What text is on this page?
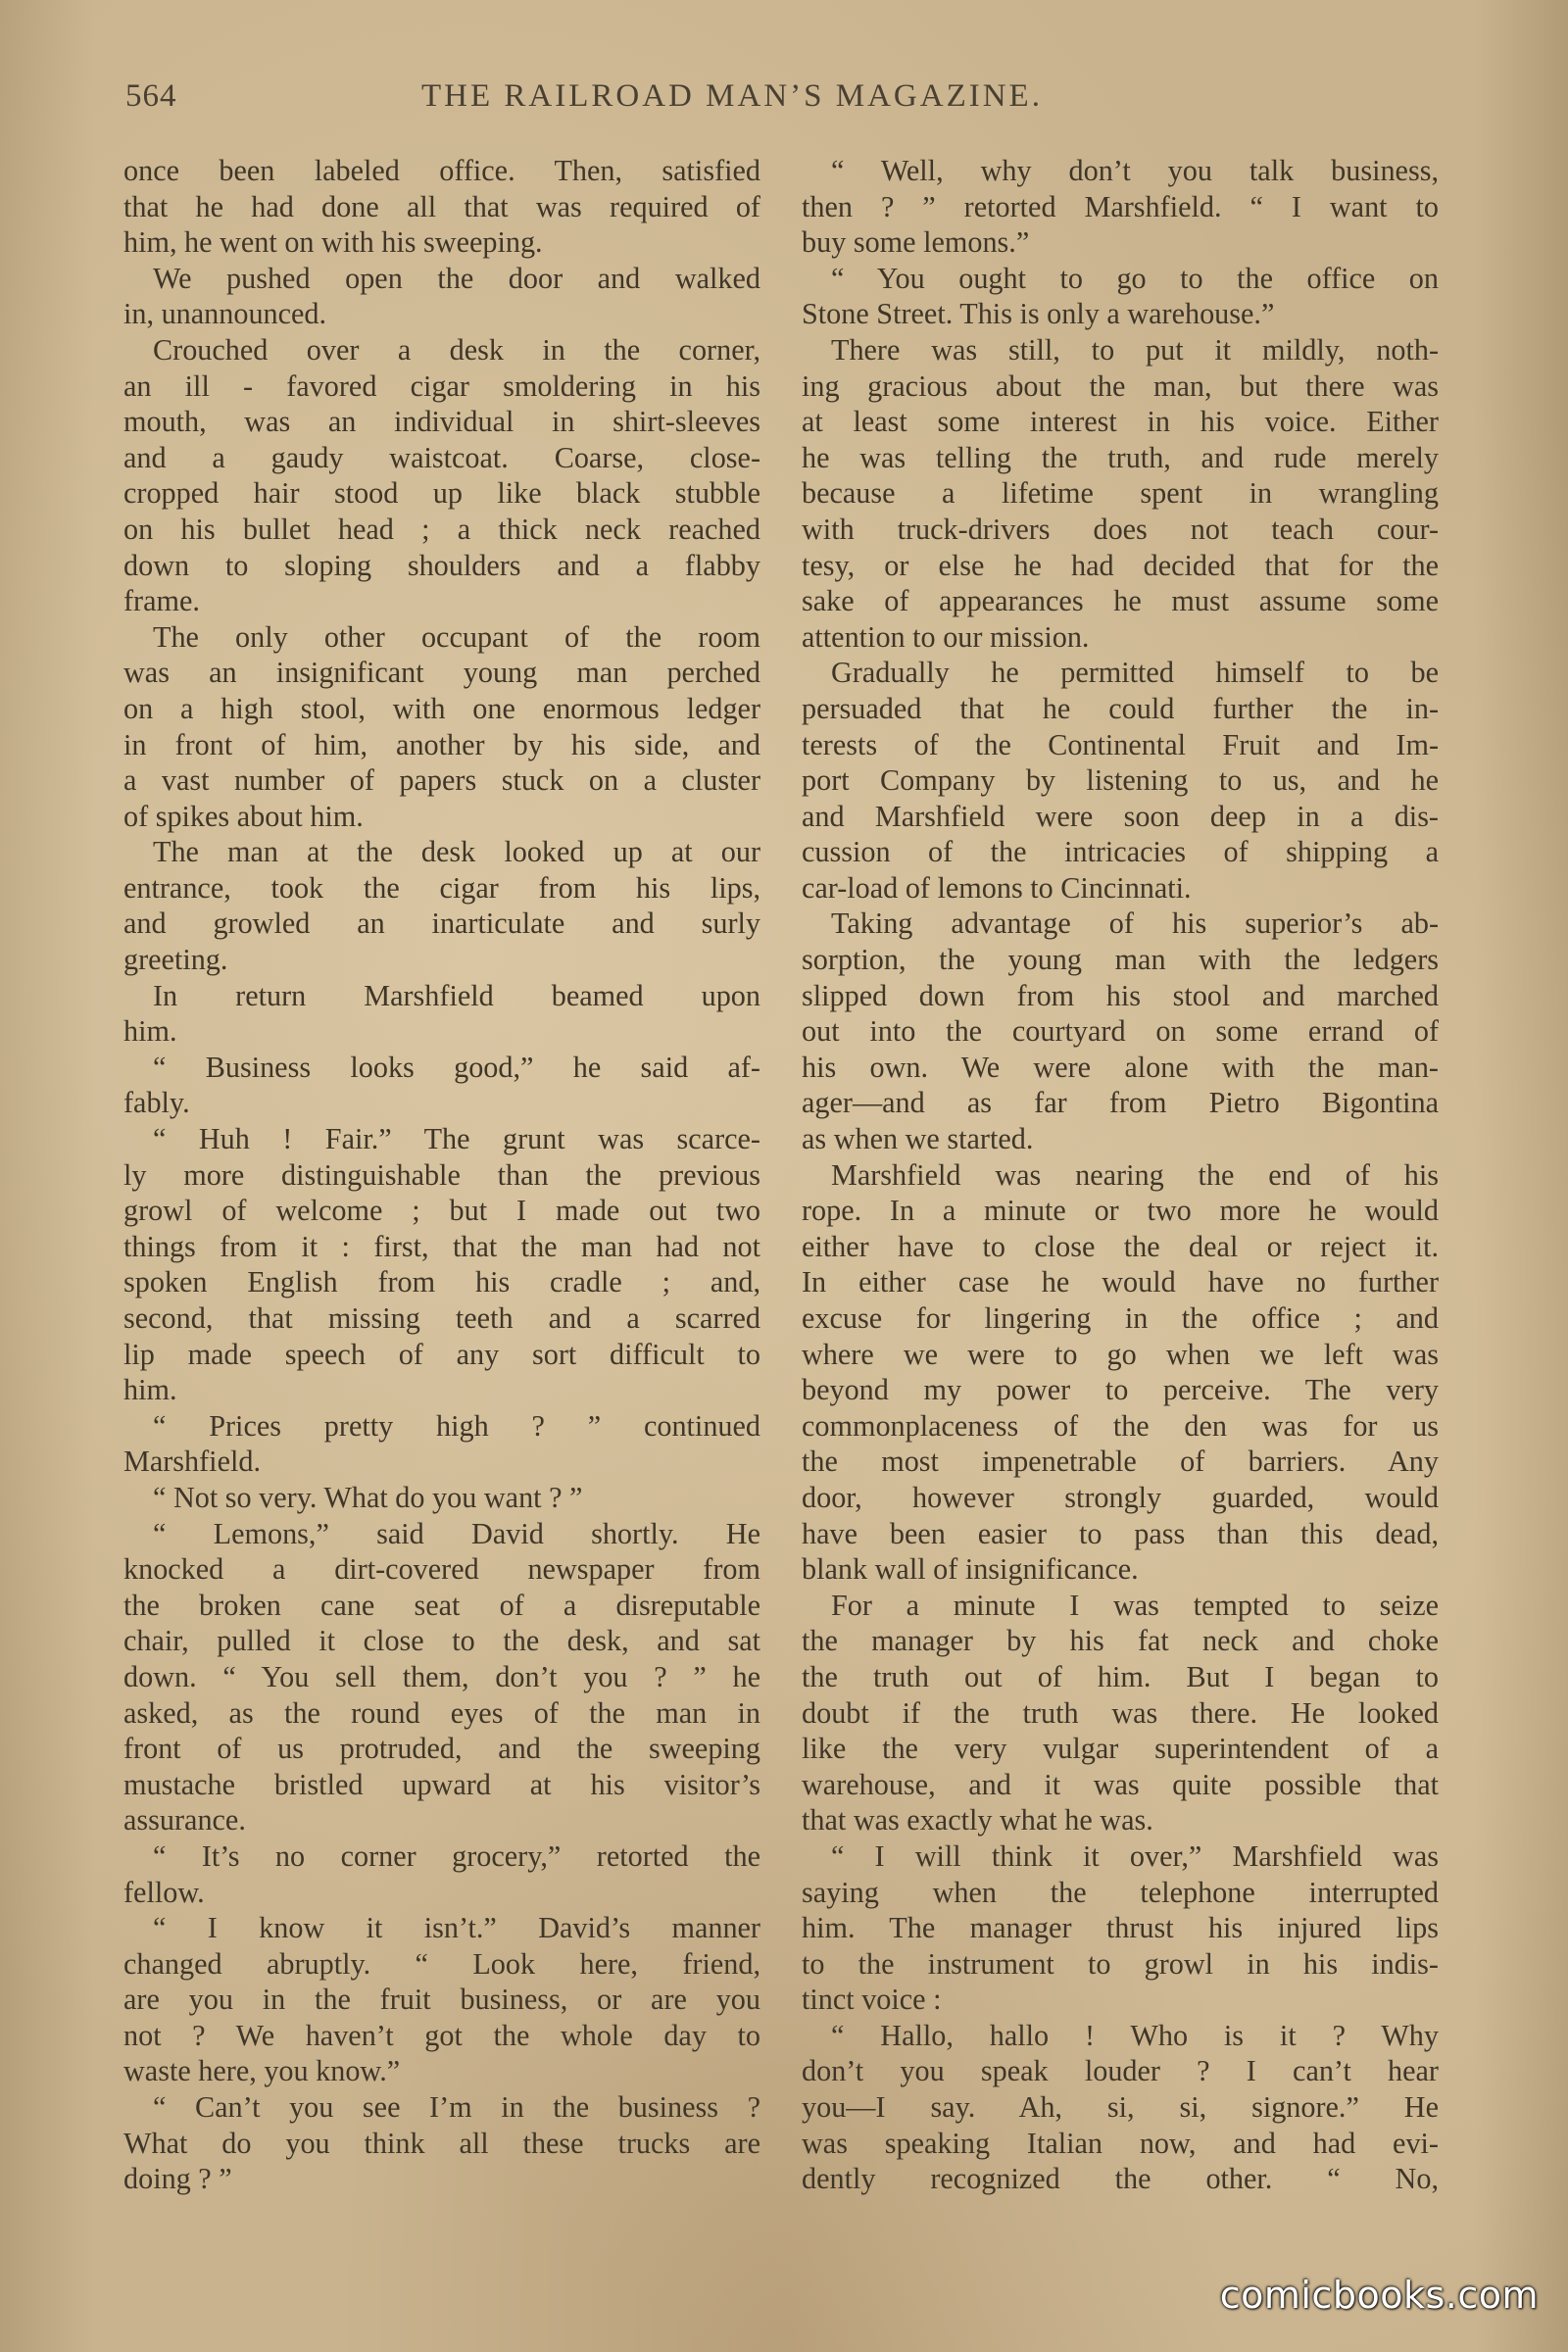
564	THE RAILROAD MAN’S MAGAZINE.
once been labeled office. Then, satisfied
that he had done all that was required of
him, he went on with his sweeping.
We pushed open the door and walked
in, unannounced.
Crouched over a desk in the corner,
an ill - favored cigar smoldering in his
mouth, was an individual in shirt-sleeves
and a gaudy waistcoat. Coarse, close-
cropped hair stood up like black stubble
on his bullet head ; a thick neck reached
down to sloping shoulders and a flabby
frame.
The only other occupant of the room
was an insignificant young man perched
on a high stool, with one enormous ledger
in front of him, another by his side, and
a vast number of papers stuck on a cluster
of spikes about him.
The man at the desk looked up at our
entrance, took the cigar from his lips,
and growled an inarticulate and surly
greeting.
In return Marshfield beamed upon
him.
“ Business looks good,” he said af-
fably.
“ Huh ! Fair.” The grunt was scarce-
ly more distinguishable than the previous
growl of welcome ; but I made out two
things from it : first, that the man had not
spoken English from his cradle ; and,
second, that missing teeth and a scarred
lip made speech of any sort difficult to
him.
“ Prices pretty high ? ” continued
Marshfield.
“ Not so very. What do you want ? ”
“ Lemons,” said David shortly. He
knocked a dirt-covered newspaper from
the broken cane seat of a disreputable
chair, pulled it close to the desk, and sat
down. “ You sell them, don’t you ? ” he
asked, as the round eyes of the man in
front of us protruded, and the sweeping
mustache bristled upward at his visitor’s
assurance.
“ It’s no corner grocery,” retorted the
fellow.
“ I know it isn’t.” David’s manner
changed abruptly. “ Look here, friend,
are you in the fruit business, or are you
not ? We haven’t got the whole day to
waste here, you know.”
“ Can’t you see I’m in the business ?
What do you think all these trucks are
doing ? ”
“ Well, why don’t you talk business,
then ? ” retorted Marshfield. “ I want to
buy some lemons.”
“ You ought to go to the office on
Stone Street. This is only a warehouse.”
There was still, to put it mildly, noth-
ing gracious about the man, but there was
at least some interest in his voice. Either
he was telling the truth, and rude merely
because a lifetime spent in wrangling
with truck-drivers does not teach cour-
tesy, or else he had decided that for the
sake of appearances he must assume some
attention to our mission.
Gradually he permitted himself to be
persuaded that he could further the in-
terests of the Continental Fruit and Im-
port Company by listening to us, and he
and Marshfield were soon deep in a dis-
cussion of the intricacies of shipping a
car-load of lemons to Cincinnati.
Taking advantage of his superior’s ab-
sorption, the young man with the ledgers
slipped down from his stool and marched
out into the courtyard on some errand of
his own. We were alone with the man-
ager—and as far from Pietro Bigontina
as when we started.
Marshfield was nearing the end of his
rope. In a minute or two more he would
either have to close the deal or reject it.
In either case he would have no further
excuse for lingering in the office ; and
where we were to go when we left was
beyond my power to perceive. The very
commonplaceness of the den was for us
the most impenetrable of barriers. Any
door, however strongly guarded, would
have been easier to pass than this dead,
blank wall of insignificance.
For a minute I was tempted to seize
the manager by his fat neck and choke
the truth out of him. But I began to
doubt if the truth was there. He looked
like the very vulgar superintendent of a
warehouse, and it was quite possible that
that was exactly what he was.
“ I will think it over,” Marshfield was
saying when the telephone interrupted
him. The manager thrust his injured lips
to the instrument to growl in his indis-
tinct voice :
“ Hallo, hallo ! Who is it ? Why
don’t you speak louder ? I can’t hear
you—I say. Ah, si, si, signore.” He
was speaking Italian now, and had evi-
dently recognized the other. “ No,
comicbooks.com
